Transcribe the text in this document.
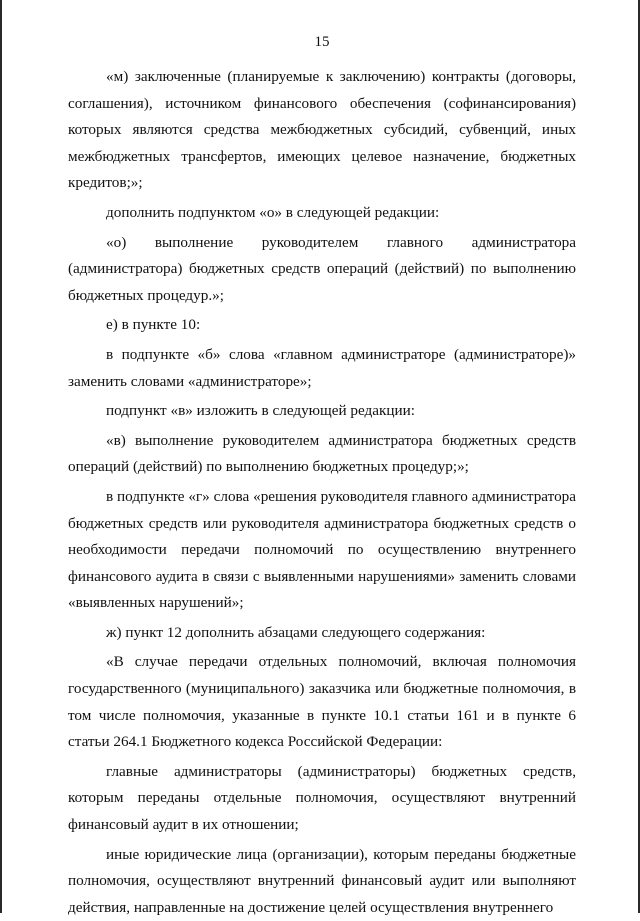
15

«м) заключенные (планируемые к заключению) контракты (договоры, соглашения), источником финансового обеспечения (софинансирования) которых являются средства межбюджетных субсидий, субвенций, иных межбюджетных трансфертов, имеющих целевое назначение, бюджетных кредитов;»;

дополнить подпунктом «о» в следующей редакции:

«о) выполнение руководителем главного администратора (администратора) бюджетных средств операций (действий) по выполнению бюджетных процедур.»;

е) в пункте 10:

в подпункте «б» слова «главном администраторе (администраторе)» заменить словами «администраторе»;

подпункт «в» изложить в следующей редакции:

«в) выполнение руководителем администратора бюджетных средств операций (действий) по выполнению бюджетных процедур;»;

в подпункте «г» слова «решения руководителя главного администратора бюджетных средств или руководителя администратора бюджетных средств о необходимости передачи полномочий по осуществлению внутреннего финансового аудита в связи с выявленными нарушениями» заменить словами «выявленных нарушений»;

ж) пункт 12 дополнить абзацами следующего содержания:

«В случае передачи отдельных полномочий, включая полномочия государственного (муниципального) заказчика или бюджетные полномочия, в том числе полномочия, указанные в пункте 10.1 статьи 161 и в пункте 6 статьи 264.1 Бюджетного кодекса Российской Федерации:

главные администраторы (администраторы) бюджетных средств, которым переданы отдельные полномочия, осуществляют внутренний финансовый аудит в их отношении;

иные юридические лица (организации), которым переданы бюджетные полномочия, осуществляют внутренний финансовый аудит или выполняют действия, направленные на достижение целей осуществления внутреннего
